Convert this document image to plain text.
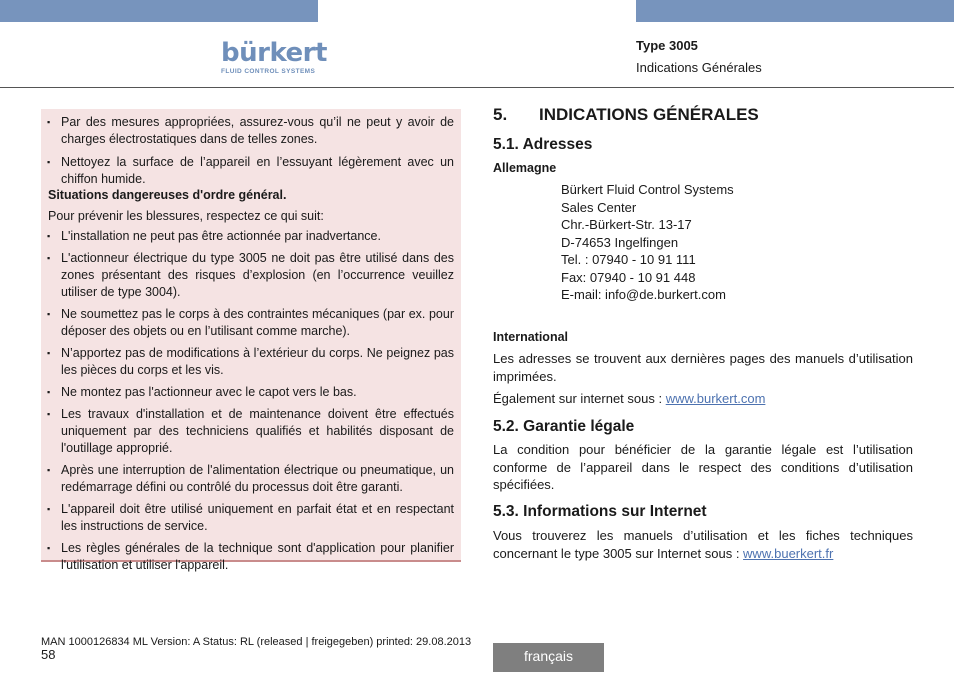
bürkert
FLUID CONTROL SYSTEMS
Type 3005
Indications Générales
▪ Par des mesures appropriées, assurez-vous qu’il ne peut y avoir de charges électrostatiques dans de telles zones.
▪ Nettoyez la surface de l’appareil en l’essuyant légèrement avec un chiffon humide.
Situations dangereuses d'ordre général.
Pour prévenir les blessures, respectez ce qui suit:
▪ L'installation ne peut pas être actionnée par inadvertance.
▪ L'actionneur électrique du type 3005 ne doit pas être utilisé dans des zones présentant des risques d’explosion (en l’occurrence veuillez utiliser de type 3004).
▪ Ne soumettez pas le corps à des contraintes mécaniques (par ex. pour déposer des objets ou en l’utilisant comme marche).
▪ N’apportez pas de modifications à l’extérieur du corps. Ne peignez pas les pièces du corps et les vis.
▪ Ne montez pas l'actionneur avec le capot vers le bas.
▪ Les travaux d'installation et de maintenance doivent être effectués uniquement par des techniciens qualifiés et habilités disposant de l'outillage approprié.
▪ Après une interruption de l'alimentation électrique ou pneumatique, un redémarrage défini ou contrôlé du processus doit être garanti.
▪ L'appareil doit être utilisé uniquement en parfait état et en respectant les instructions de service.
▪ Les règles générales de la technique sont d'application pour planifier l'utilisation et utiliser l'appareil.
5. INDICATIONS GÉNÉRALES
5.1. Adresses
Allemagne
Bürkert Fluid Control Systems
Sales Center
Chr.-Bürkert-Str. 13-17
D-74653 Ingelfingen
Tel. : 07940 - 10 91 111
Fax: 07940 - 10 91 448
E-mail: info@de.burkert.com
International
Les adresses se trouvent aux dernières pages des manuels d’utilisation imprimées.
Également sur internet sous : www.burkert.com
5.2. Garantie légale
La condition pour bénéficier de la garantie légale est l’utilisation conforme de l’appareil dans le respect des conditions d’utilisation spécifiées.
5.3. Informations sur Internet
Vous trouverez les manuels d’utilisation et les fiches techniques concernant le type 3005 sur Internet sous : www.buerkert.fr
MAN 1000126834 ML Version: A Status: RL (released | freigegeben) printed: 29.08.2013
58	français
